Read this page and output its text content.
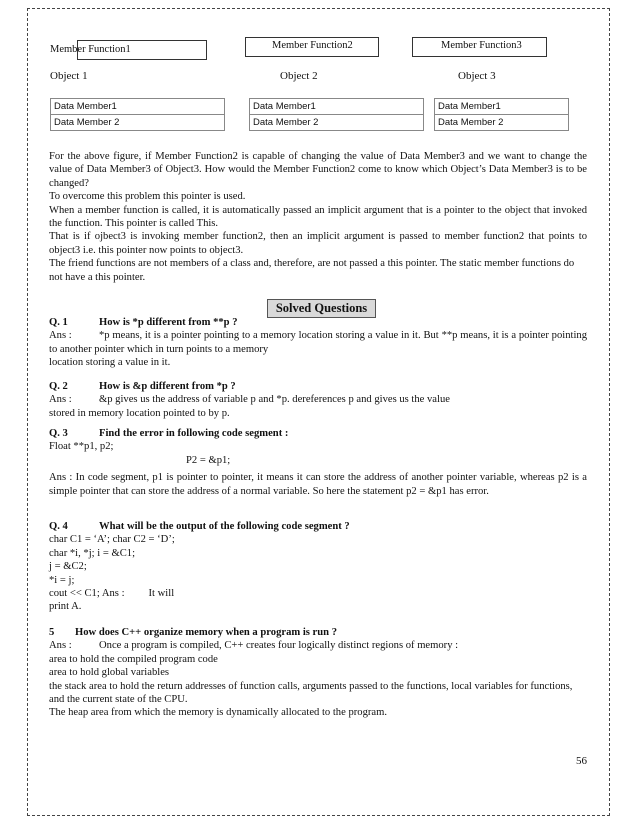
Member Function1	Member Function2	Member Function3
Object 1	Object 2	Object 3
Data Member1
Data Member 2
Data Member1
Data Member 2
Data Member1
Data Member 2

For the above figure, if Member Function2 is capable of changing the value of Data Member3 and we want to change the value of Data Member3 of Object3. How would the Member Function2 come to know which Object’s Data Member3 is to be changed?

To overcome this problem this pointer is used.

When a member function is called, it is automatically passed an implicit argument that is a pointer to the object that invoked the function. This pointer is called This.

That is if ojbect3 is invoking member function2, then an implicit argument is passed to member function2 that points to object3 i.e. this pointer now points to object3.

The friend functions are not members of a class and, therefore, are not passed a this pointer. The static member functions do not have a this pointer.

Solved Questions

Q. 1	How is *p different from **p ?

Ans :	*p means, it is a pointer pointing to a memory location storing a value in it. But **p means, it is a pointer pointing to another pointer which in turn points to a memory

location storing a value in it.

Q. 2	How is &p different from *p ?

Ans :	&p gives us the address of variable p and *p. dereferences p and gives us the value

stored in memory location pointed to by p.

Q. 3	Find the error in following code segment :

Float **p1, p2;

P2 = &p1;

Ans : In code segment, p1 is pointer to pointer, it means it can store the address of another pointer variable, whereas p2 is a simple pointer that can store the address of a normal variable. So here the statement p2 = &p1 has error.

Q. 4	What will be the output of the following code segment ?

char C1 = ‘A’; char C2 = ‘D’;

char *i, *j; i = &C1;

j = &C2;

*i = j;

cout << C1; Ans : It will

print A.

5 How does C++ organize memory when a program is run ?

Ans :	Once a program is compiled, C++ creates four logically distinct regions of memory :

area to hold the compiled program code

area to hold global variables

the stack area to hold the return addresses of function calls, arguments passed to the functions, local variables for functions, and the current state of the CPU.

The heap area from which the memory is dynamically allocated to the program.

56
